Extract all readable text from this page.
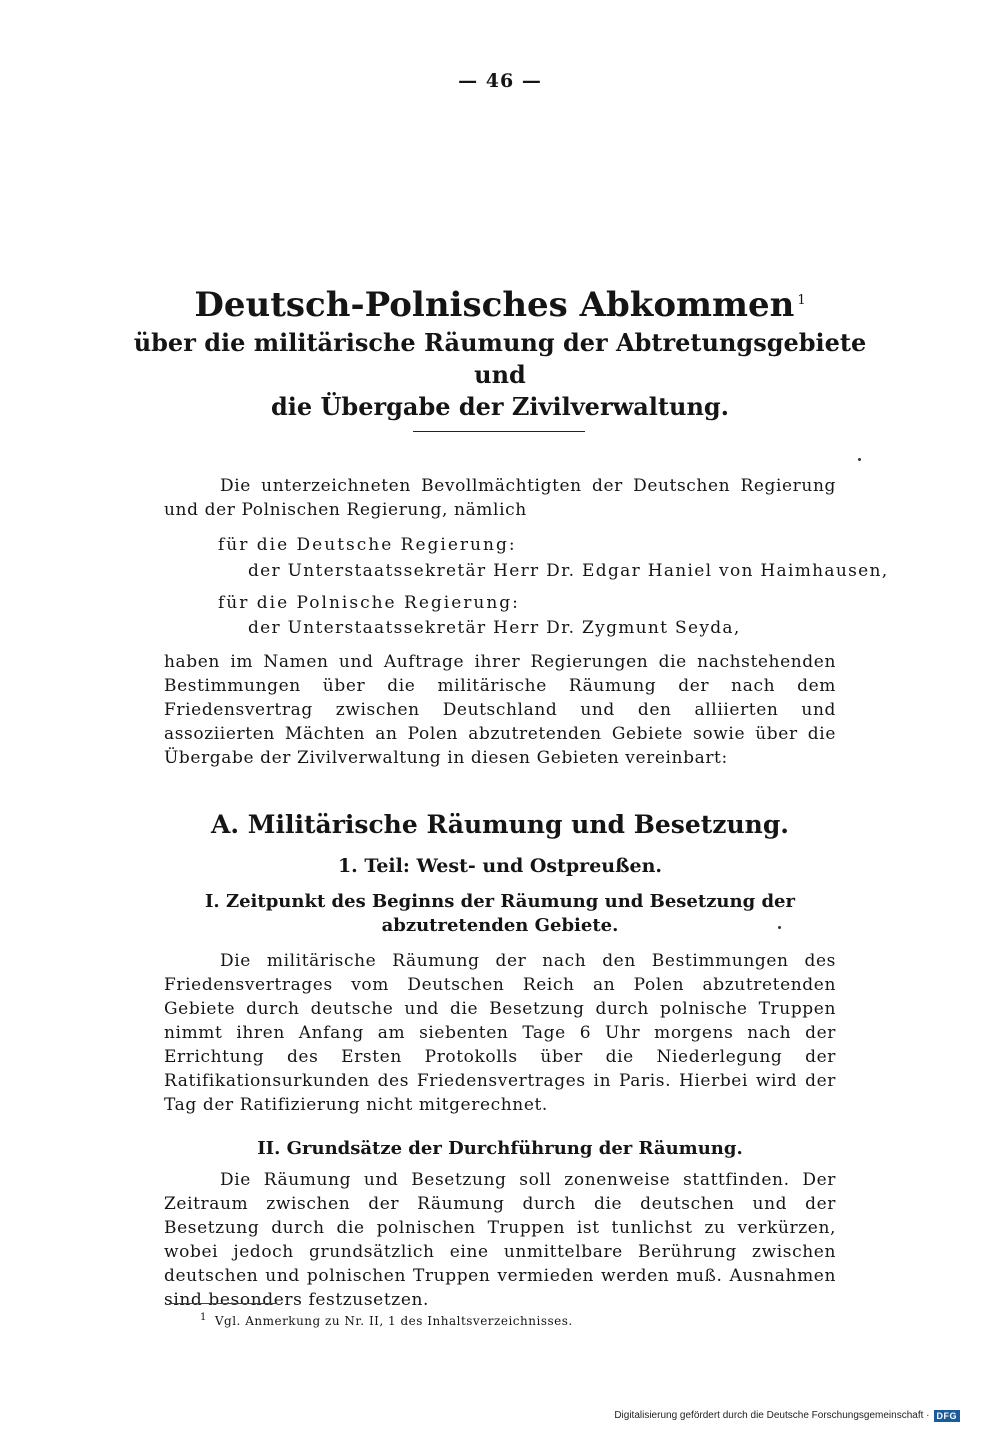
— 46 —
Deutsch-Polnisches Abkommen $^1$

über die militärische Räumung der Abtretungsgebiete und

die Übergabe der Zivilverwaltung.

Die unterzeichneten Bevollmächtigten der Deutschen Regierung und der Polnischen Regierung, nämlich

für die Deutsche Regierung:

der Unterstaatssekretär Herr Dr. Edgar Haniel von Haimhausen,

für die Polnische Regierung:

der Unterstaatssekretär Herr Dr. Zygmunt Seyda,

haben im Namen und Auftrage ihrer Regierungen die nachstehenden Bestimmungen über die militärische Räumung der nach dem Friedensvertrag zwischen Deutschland und den alliierten und assoziierten Mächten an Polen abzutretenden Gebiete sowie über die Übergabe der Zivilverwaltung in diesen Gebieten vereinbart:

A. Militärische Räumung und Besetzung.
1. Teil: West- und Ostpreußen.
I. Zeitpunkt des Beginns der Räumung und Besetzung der
abzutretenden Gebiete.

Die militärische Räumung der nach den Bestimmungen des Friedensvertrages vom Deutschen Reich an Polen abzutretenden Gebiete durch deutsche und die Besetzung durch polnische Truppen nimmt ihren Anfang am siebenten Tage 6 Uhr morgens nach der Errichtung des Ersten Protokolls über die Niederlegung der Ratifikationsurkunden des Friedensvertrages in Paris. Hierbei wird der Tag der Ratifizierung nicht mitgerechnet.

II. Grundsätze der Durchführung der Räumung.

Die Räumung und Besetzung soll zonenweise stattfinden. Der Zeitraum zwischen der Räumung durch die deutschen und der Besetzung durch die polnischen Truppen ist tunlichst zu verkürzen, wobei jedoch grundsätzlich eine unmittelbare Berührung zwischen deutschen und polnischen Truppen vermieden werden muß. Ausnahmen sind besonders festzusetzen.

$^1$ Vgl. Anmerkung zu Nr. II, 1 des Inhaltsverzeichnisses.

Digitalisierung gefördert durch die Deutsche Forschungsgemeinschaft · DFG
